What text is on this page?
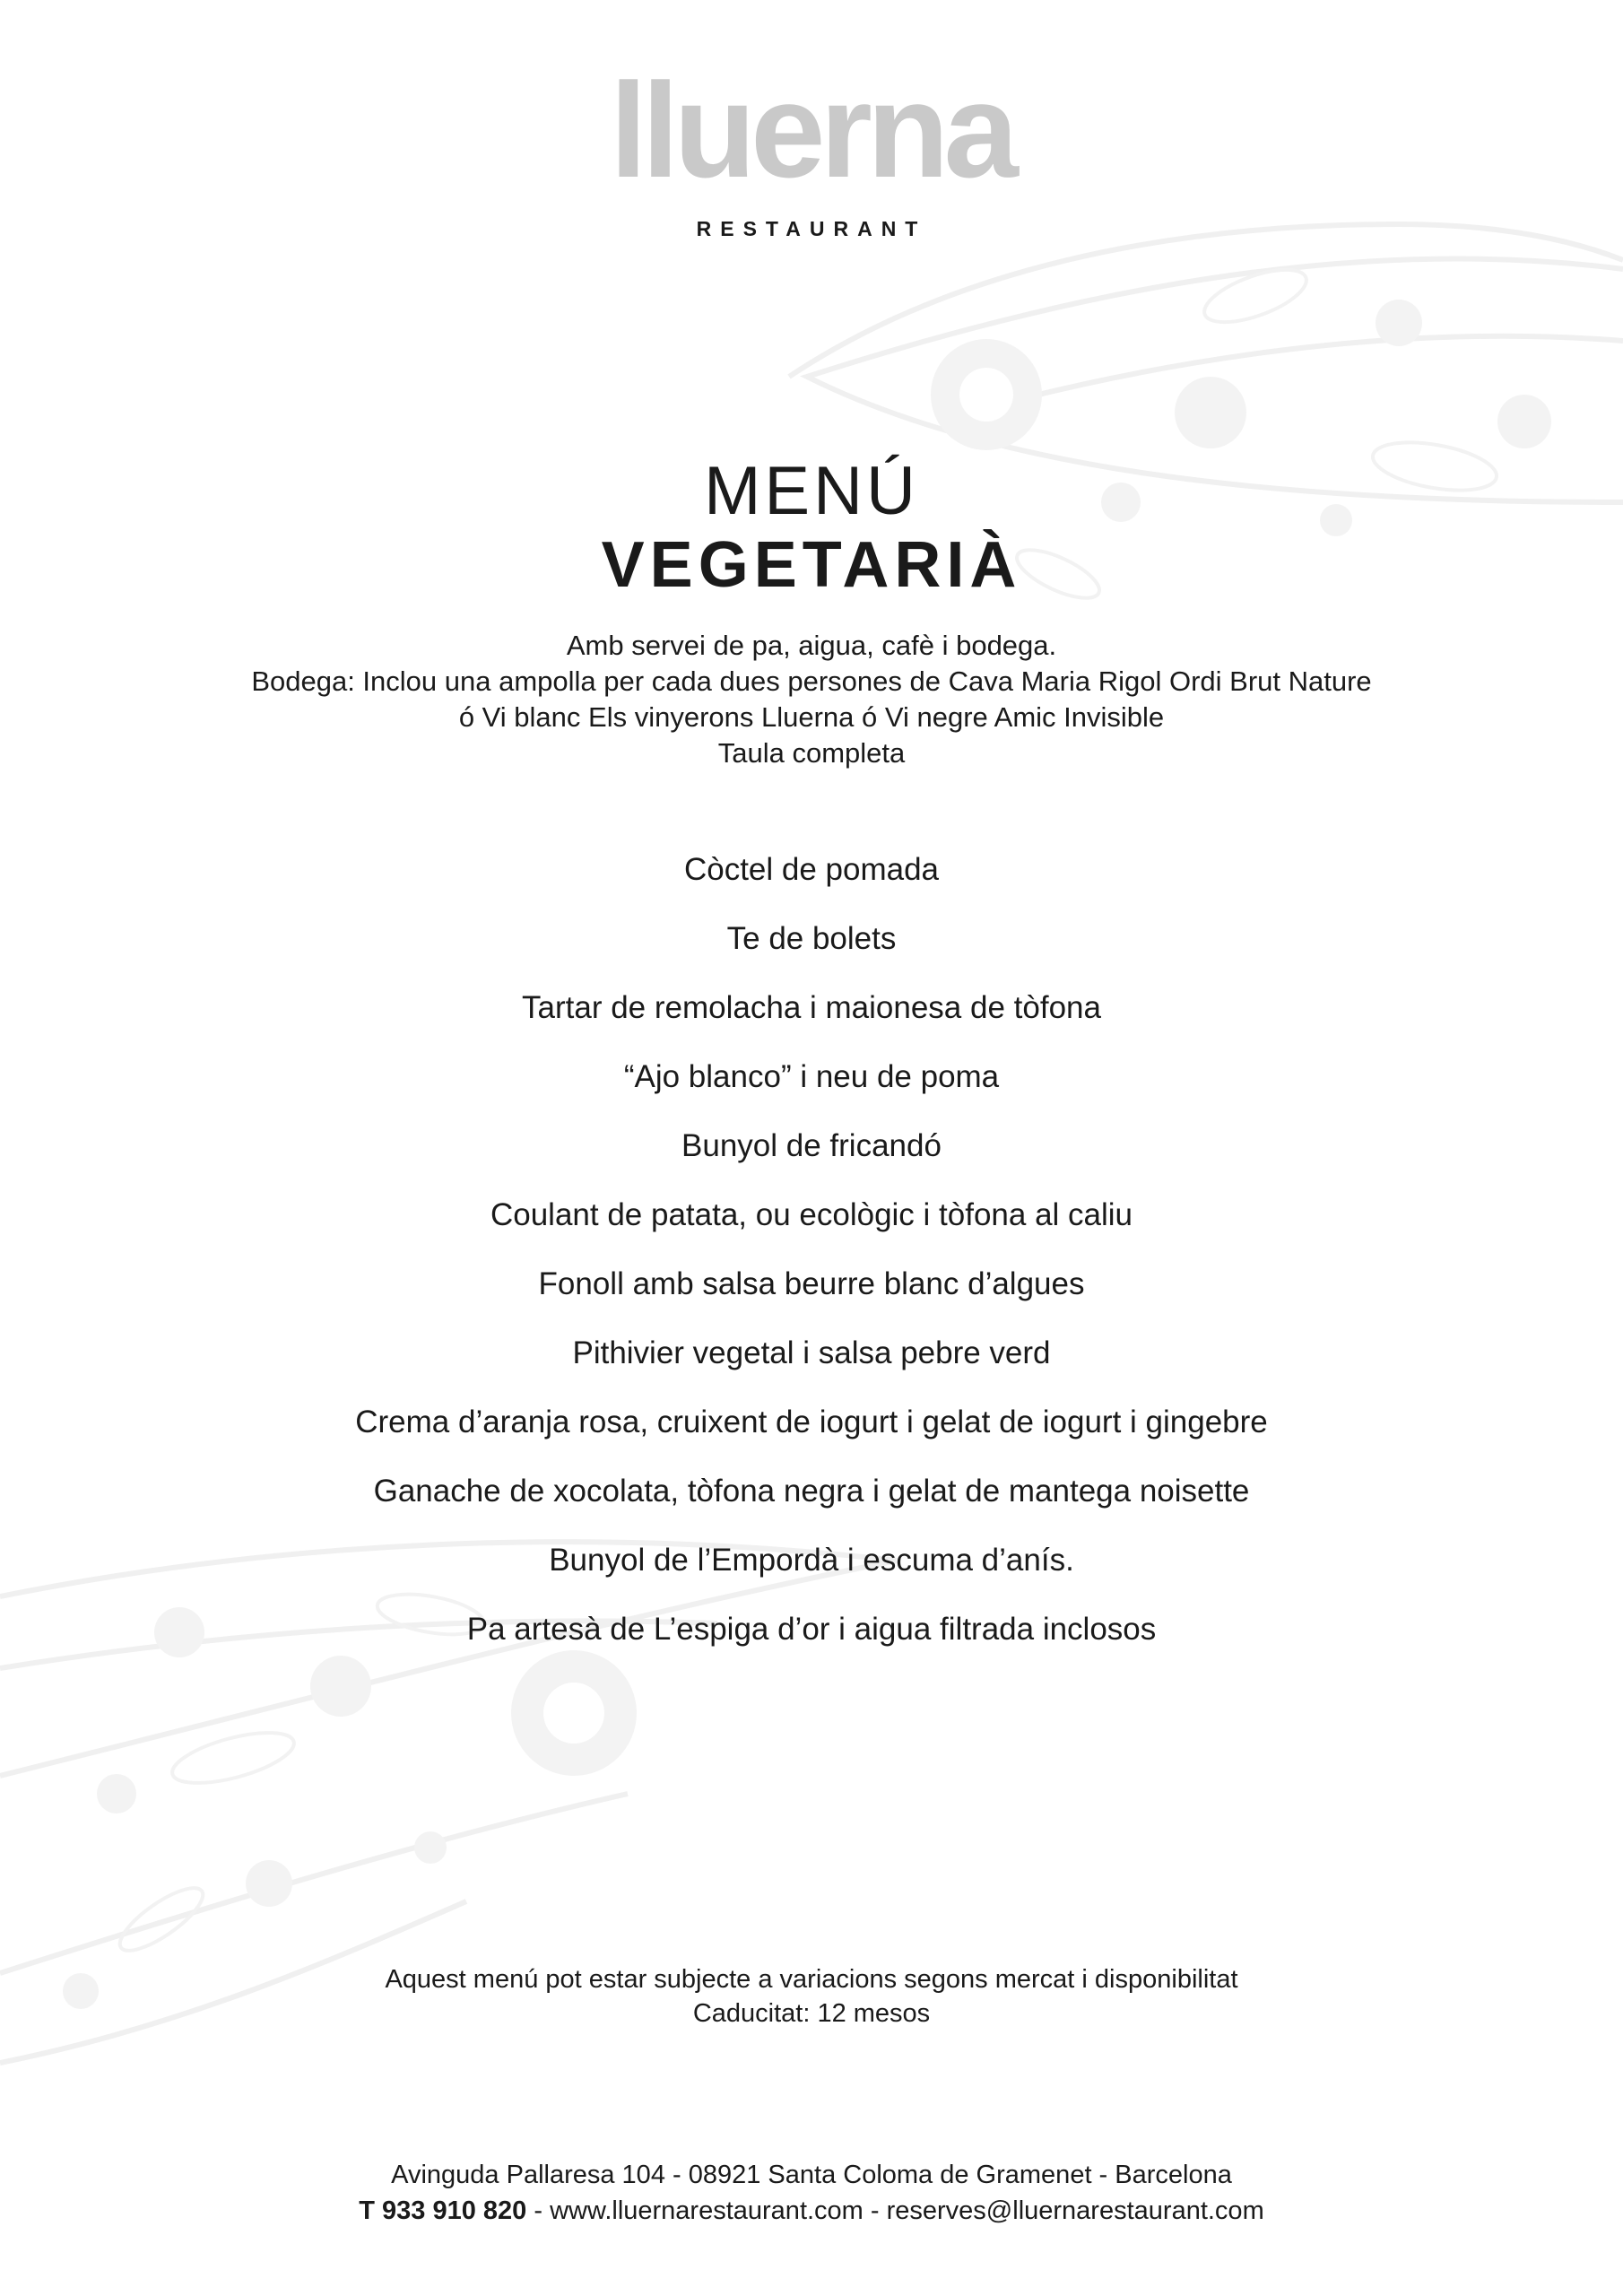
lluerna
RESTAURANT
MENÚ
VEGETARIÀ
Amb servei de pa, aigua, cafè i bodega.
Bodega: Inclou una ampolla per cada dues persones de Cava Maria Rigol Ordi Brut Nature
ó Vi blanc Els vinyerons Lluerna ó Vi negre Amic Invisible
Taula completa
Còctel de pomada
Te de bolets
Tartar de remolacha i maionesa de tòfona
“Ajo blanco” i neu de poma
Bunyol de fricandó
Coulant de patata, ou ecològic i tòfona al caliu
Fonoll amb salsa beurre blanc d’algues
Pithivier vegetal i salsa pebre verd
Crema d’aranja rosa, cruixent de iogurt i gelat de iogurt i gingebre
Ganache de xocolata, tòfona negra i gelat de mantega noisette
Bunyol de l’Empordà i escuma d’anís.
Pa artesà de L’espiga d’or i aigua filtrada inclosos
Aquest menú pot estar subjecte a variacions segons mercat i disponibilitat
Caducitat: 12 mesos
Avinguda Pallaresa 104 - 08921 Santa Coloma de Gramenet - Barcelona
T 933 910 820 - www.lluernarestaurant.com - reserves@lluernarestaurant.com
